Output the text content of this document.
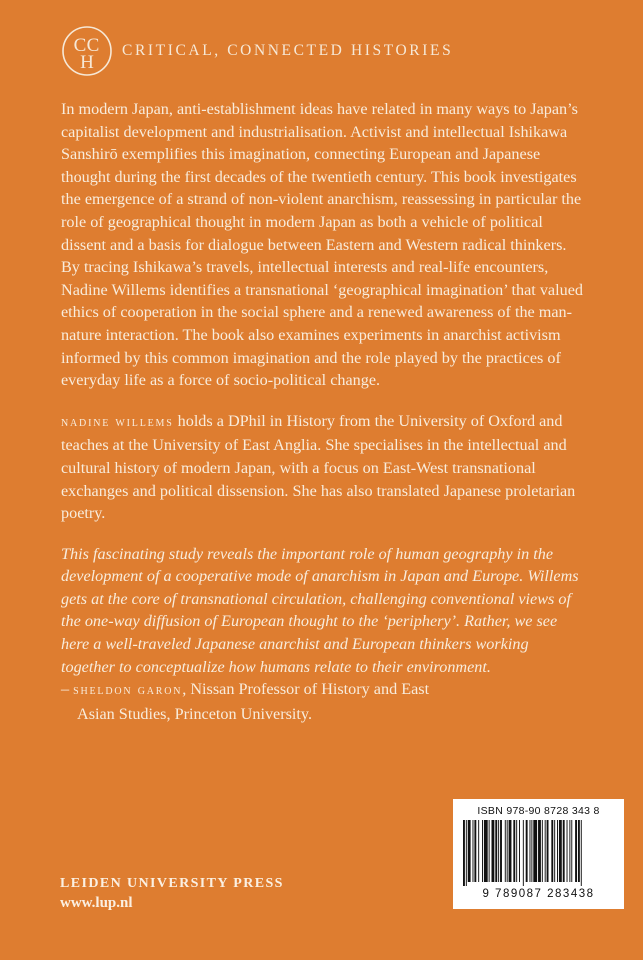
C C
H
CRITICAL, CONNECTED HISTORIES

In modern Japan, anti-establishment ideas have related in many ways to Japan’s capitalist development and industrialisation. Activist and intellectual Ishikawa Sanshirō exemplifies this imagination, connecting European and Japanese thought during the first decades of the twentieth century. This book investigates the emergence of a strand of non-violent anarchism, reassessing in particular the role of geographical thought in modern Japan as both a vehicle of political dissent and a basis for dialogue between Eastern and Western radical thinkers. By tracing Ishikawa’s travels, intellectual interests and real-life encounters, Nadine Willems identifies a transnational ‘geographical imagination’ that valued ethics of cooperation in the social sphere and a renewed awareness of the man-nature interaction. The book also examines experiments in anarchist activism informed by this common imagination and the role played by the practices of everyday life as a force of socio-political change.

nadine willems holds a DPhil in History from the University of Oxford and teaches at the University of East Anglia. She specialises in the intellectual and cultural history of modern Japan, with a focus on East-West transnational exchanges and political dissension. She has also translated Japanese proletarian poetry.

This fascinating study reveals the important role of human geography in the development of a cooperative mode of anarchism in Japan and Europe. Willems gets at the core of transnational circulation, challenging conventional views of the one-way diffusion of European thought to the ‘periphery’. Rather, we see here a well-traveled Japanese anarchist and European thinkers working together to conceptualize how humans relate to their environment.

– sheldon garon, Nissan Professor of History and East
Asian Studies, Princeton University.

LEIDEN UNIVERSITY PRESS
www.lup.nl
ISBN 978-90 8728 343 8
9 789087 283438
